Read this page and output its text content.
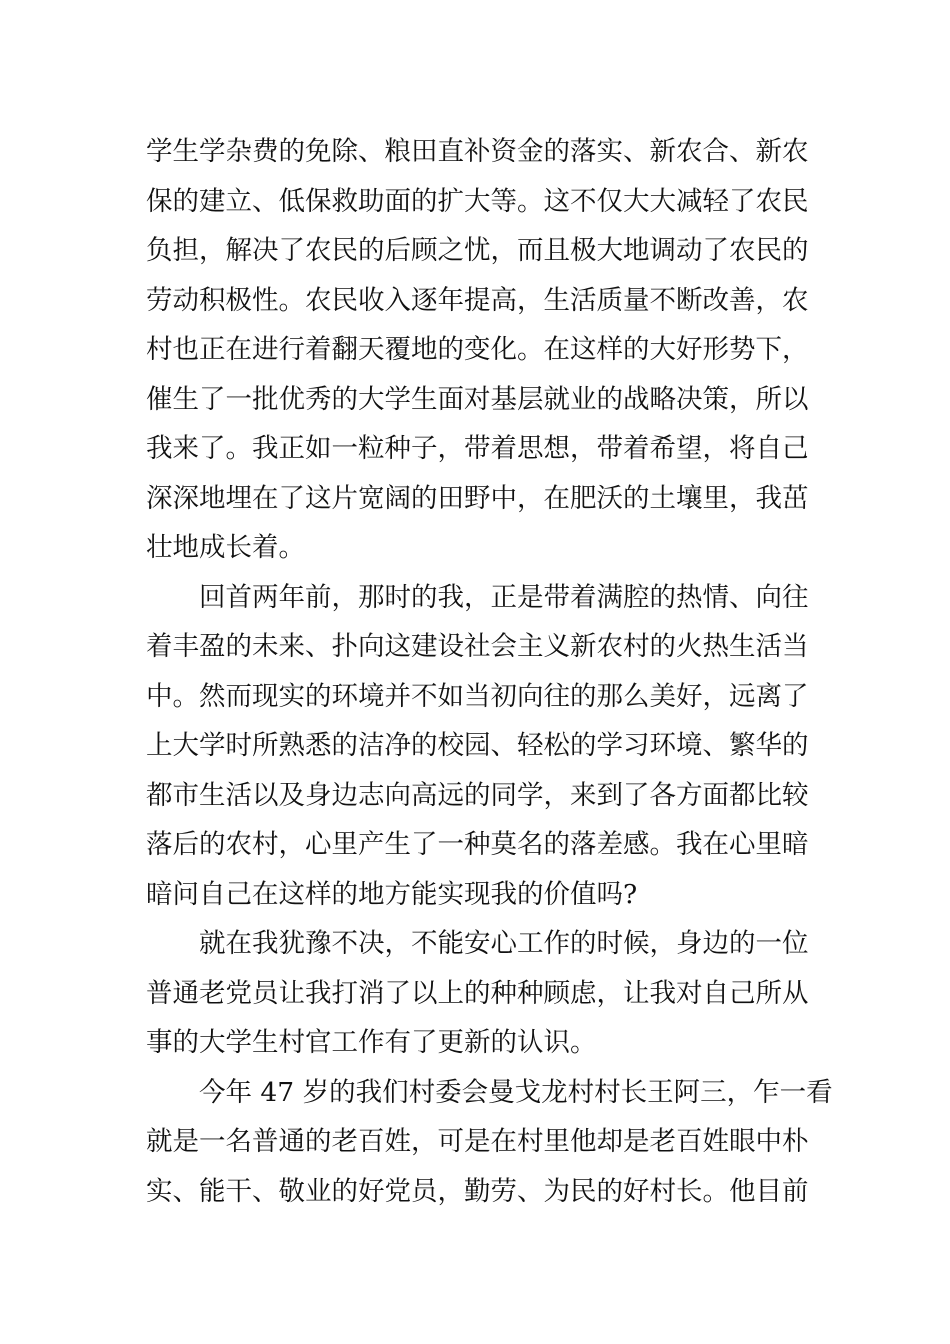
学生学杂费的免除、粮田直补资金的落实、新农合、新农
保的建立、低保救助面的扩大等。这不仅大大减轻了农民
负担，解决了农民的后顾之忧，而且极大地调动了农民的
劳动积极性。农民收入逐年提高，生活质量不断改善，农
村也正在进行着翻天覆地的变化。在这样的大好形势下，
催生了一批优秀的大学生面对基层就业的战略决策，所以
我来了。我正如一粒种子，带着思想，带着希望，将自己
深深地埋在了这片宽阔的田野中，在肥沃的土壤里，我茁
壮地成长着。

回首两年前，那时的我，正是带着满腔的热情、向往
着丰盈的未来、扑向这建设社会主义新农村的火热生活当
中。然而现实的环境并不如当初向往的那么美好，远离了
上大学时所熟悉的洁净的校园、轻松的学习环境、繁华的
都市生活以及身边志向高远的同学，来到了各方面都比较
落后的农村，心里产生了一种莫名的落差感。我在心里暗
暗问自己在这样的地方能实现我的价值吗?

就在我犹豫不决，不能安心工作的时候，身边的一位
普通老党员让我打消了以上的种种顾虑，让我对自己所从
事的大学生村官工作有了更新的认识。

今年 47 岁的我们村委会曼戈龙村村长王阿三，乍一看
就是一名普通的老百姓，可是在村里他却是老百姓眼中朴
实、能干、敬业的好党员，勤劳、为民的好村长。他目前
